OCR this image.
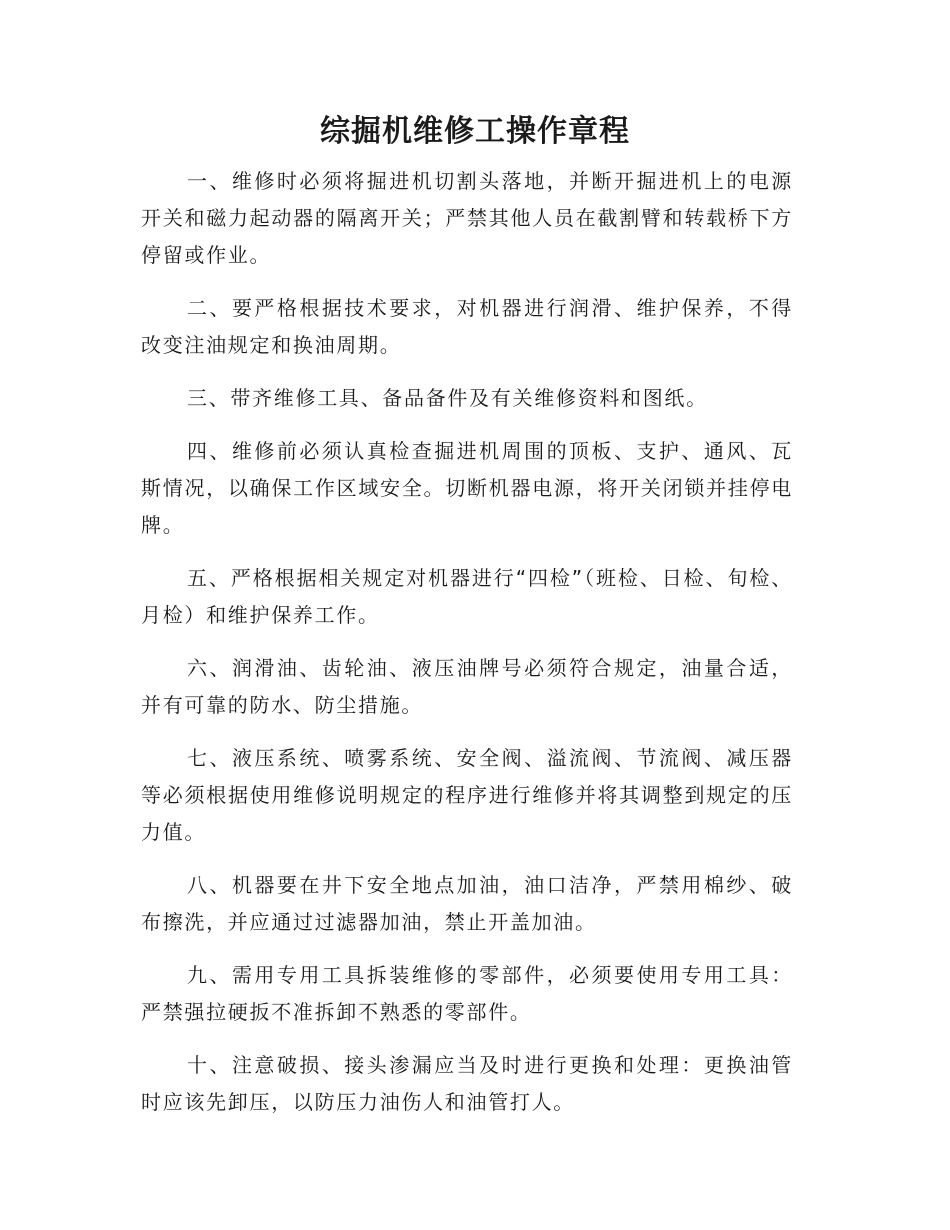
综掘机维修工操作章程

一、维修时必须将掘进机切割头落地，并断开掘进机上的电源开关和磁力起动器的隔离开关；严禁其他人员在截割臂和转载桥下方停留或作业。

二、要严格根据技术要求，对机器进行润滑、维护保养，不得改变注油规定和换油周期。

三、带齐维修工具、备品备件及有关维修资料和图纸。

四、维修前必须认真检查掘进机周围的顶板、支护、通风、瓦斯情况，以确保工作区域安全。切断机器电源，将开关闭锁并挂停电牌。

五、严格根据相关规定对机器进行“四检”（班检、日检、旬检、月检）和维护保养工作。

六、润滑油、齿轮油、液压油牌号必须符合规定，油量合适，并有可靠的防水、防尘措施。

七、液压系统、喷雾系统、安全阀、溢流阀、节流阀、减压器等必须根据使用维修说明规定的程序进行维修并将其调整到规定的压力值。

八、机器要在井下安全地点加油，油口洁净，严禁用棉纱、破布擦洗，并应通过过滤器加油，禁止开盖加油。

九、需用专用工具拆装维修的零部件，必须要使用专用工具：严禁强拉硬扳不准拆卸不熟悉的零部件。

十、注意破损、接头渗漏应当及时进行更换和处理：更换油管时应该先卸压，以防压力油伤人和油管打人。
